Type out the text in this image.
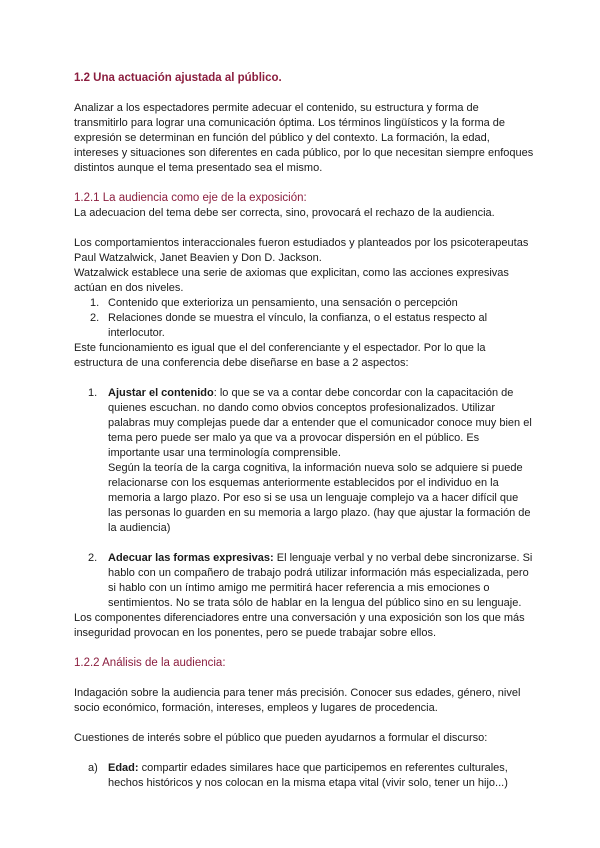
1.2 Una actuación ajustada al público.

Analizar a los espectadores permite adecuar el contenido, su estructura y forma de transmitirlo para lograr una comunicación óptima. Los términos lingüísticos y la forma de expresión se determinan en función del público y del contexto. La formación, la edad, intereses y situaciones son diferentes en cada público, por lo que necesitan siempre enfoques distintos aunque el tema presentado sea el mismo.

1.2.1 La audiencia como eje de la exposición:

La adecuacion del tema debe ser correcta, sino, provocará el rechazo de la audiencia.

Los comportamientos interaccionales fueron estudiados y planteados por los psicoterapeutas Paul Watzalwick, Janet Beavien y Don D. Jackson.

Watzalwick establece una serie de axiomas que explicitan, como las acciones expresivas actúan en dos niveles.

1. Contenido que exterioriza un pensamiento, una sensación o percepción
2. Relaciones donde se muestra el vínculo, la confianza, o el estatus respecto al interlocutor.

Este funcionamiento es igual que el del conferenciante y el espectador. Por lo que la estructura de una conferencia debe diseñarse en base a 2 aspectos:

1. Ajustar el contenido: lo que se va a contar debe concordar con la capacitación de quienes escuchan. no dando como obvios conceptos profesionalizados. Utilizar palabras muy complejas puede dar a entender que el comunicador conoce muy bien el tema pero puede ser malo ya que va a provocar dispersión en el público. Es importante usar una terminología comprensible.

Según la teoría de la carga cognitiva, la información nueva solo se adquiere si puede relacionarse con los esquemas anteriormente establecidos por el individuo en la memoria a largo plazo. Por eso si se usa un lenguaje complejo va a hacer difícil que las personas lo guarden en su memoria a largo plazo. (hay que ajustar la formación de la audiencia)

2. Adecuar las formas expresivas: El lenguaje verbal y no verbal debe sincronizarse. Si hablo con un compañero de trabajo podrá utilizar información más especializada, pero si hablo con un íntimo amigo me permitirá hacer referencia a mis emociones o sentimientos. No se trata sólo de hablar en la lengua del público sino en su lenguaje.

Los componentes diferenciadores entre una conversación y una exposición son los que más inseguridad provocan en los ponentes, pero se puede trabajar sobre ellos.

1.2.2 Análisis de la audiencia:

Indagación sobre la audiencia para tener más precisión. Conocer sus edades, género, nivel socio económico, formación, intereses, empleos y lugares de procedencia.

Cuestiones de interés sobre el público que pueden ayudarnos a formular el discurso:

a) Edad: compartir edades similares hace que participemos en referentes culturales, hechos históricos y nos colocan en la misma etapa vital (vivir solo, tener un hijo...)
